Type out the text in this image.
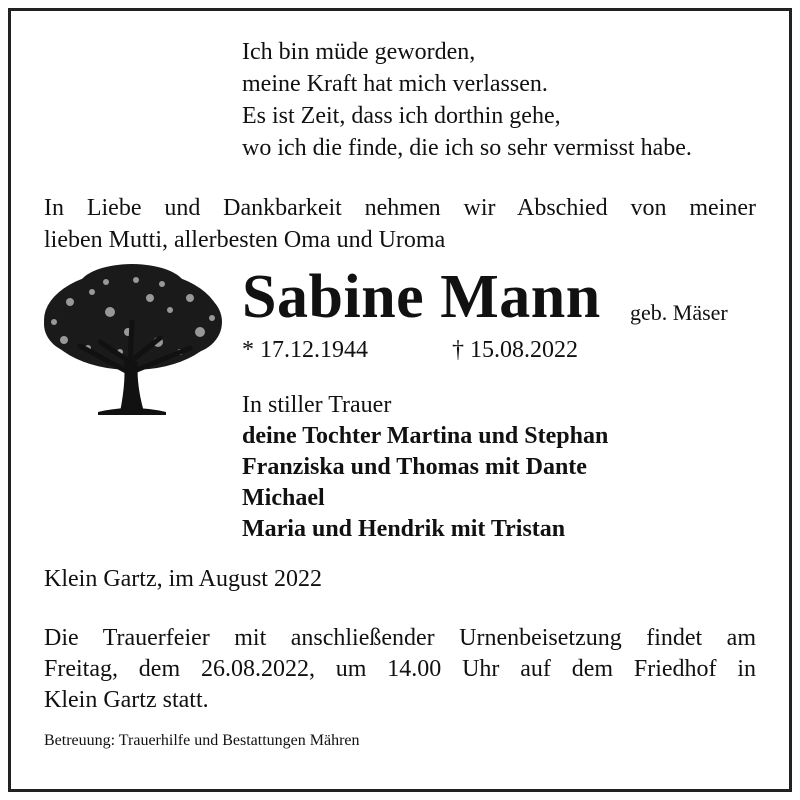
Ich bin müde geworden,
meine Kraft hat mich verlassen.
Es ist Zeit, dass ich dorthin gehe,
wo ich die finde, die ich so sehr vermisst habe.
In Liebe und Dankbarkeit nehmen wir Abschied von meiner
lieben Mutti, allerbesten Oma und Uroma
Sabine Mann geb. Mäser
* 17.12.1944	† 15.08.2022
In stiller Trauer
deine Tochter Martina und Stephan
Franziska und Thomas mit Dante
Michael
Maria und Hendrik mit Tristan
Klein Gartz, im August 2022
Die Trauerfeier mit anschließender Urnenbeisetzung findet am
Freitag, dem 26.08.2022, um 14.00 Uhr auf dem Friedhof in
Klein Gartz statt.
Betreuung: Trauerhilfe und Bestattungen Mähren
